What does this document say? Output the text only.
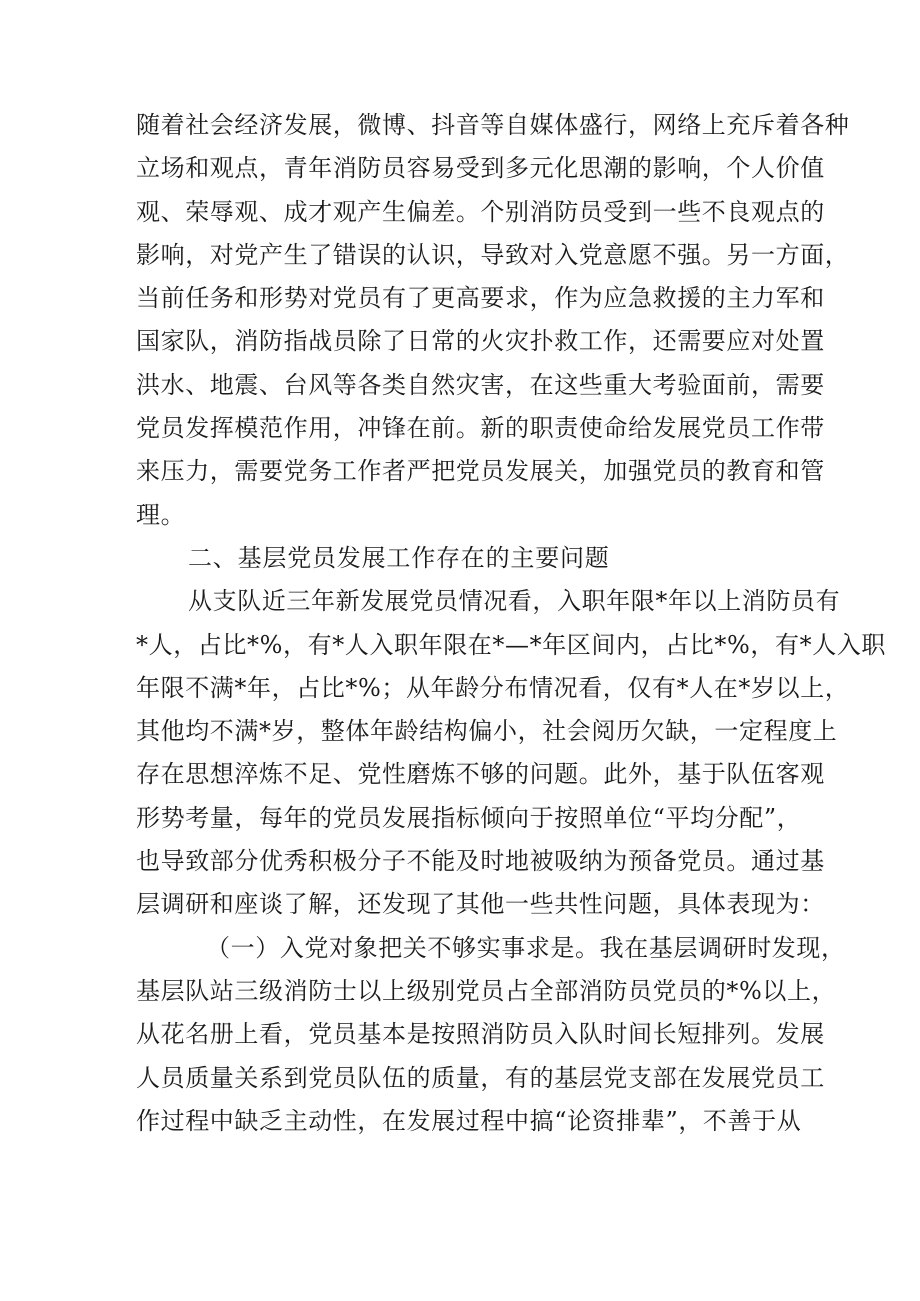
随着社会经济发展，微博、抖音等自媒体盛行，网络上充斥着各种
立场和观点，青年消防员容易受到多元化思潮的影响，个人价值
观、荣辱观、成才观产生偏差。个别消防员受到一些不良观点的
影响，对党产生了错误的认识，导致对入党意愿不强。另一方面，
当前任务和形势对党员有了更高要求，作为应急救援的主力军和
国家队，消防指战员除了日常的火灾扑救工作，还需要应对处置
洪水、地震、台风等各类自然灾害，在这些重大考验面前，需要
党员发挥模范作用，冲锋在前。新的职责使命给发展党员工作带
来压力，需要党务工作者严把党员发展关，加强党员的教育和管
理。
二、基层党员发展工作存在的主要问题
从支队近三年新发展党员情况看，入职年限*年以上消防员有
*人，占比*%，有*人入职年限在*—*年区间内，占比*%，有*人入职
年限不满*年，占比*%；从年龄分布情况看，仅有*人在*岁以上，
其他均不满*岁，整体年龄结构偏小，社会阅历欠缺，一定程度上
存在思想淬炼不足、党性磨炼不够的问题。此外，基于队伍客观
形势考量，每年的党员发展指标倾向于按照单位“平均分配”，
也导致部分优秀积极分子不能及时地被吸纳为预备党员。通过基
层调研和座谈了解，还发现了其他一些共性问题，具体表现为：
（一）入党对象把关不够实事求是。我在基层调研时发现，
基层队站三级消防士以上级别党员占全部消防员党员的*%以上，
从花名册上看，党员基本是按照消防员入队时间长短排列。发展
人员质量关系到党员队伍的质量，有的基层党支部在发展党员工
作过程中缺乏主动性，在发展过程中搞“论资排辈”，不善于从
